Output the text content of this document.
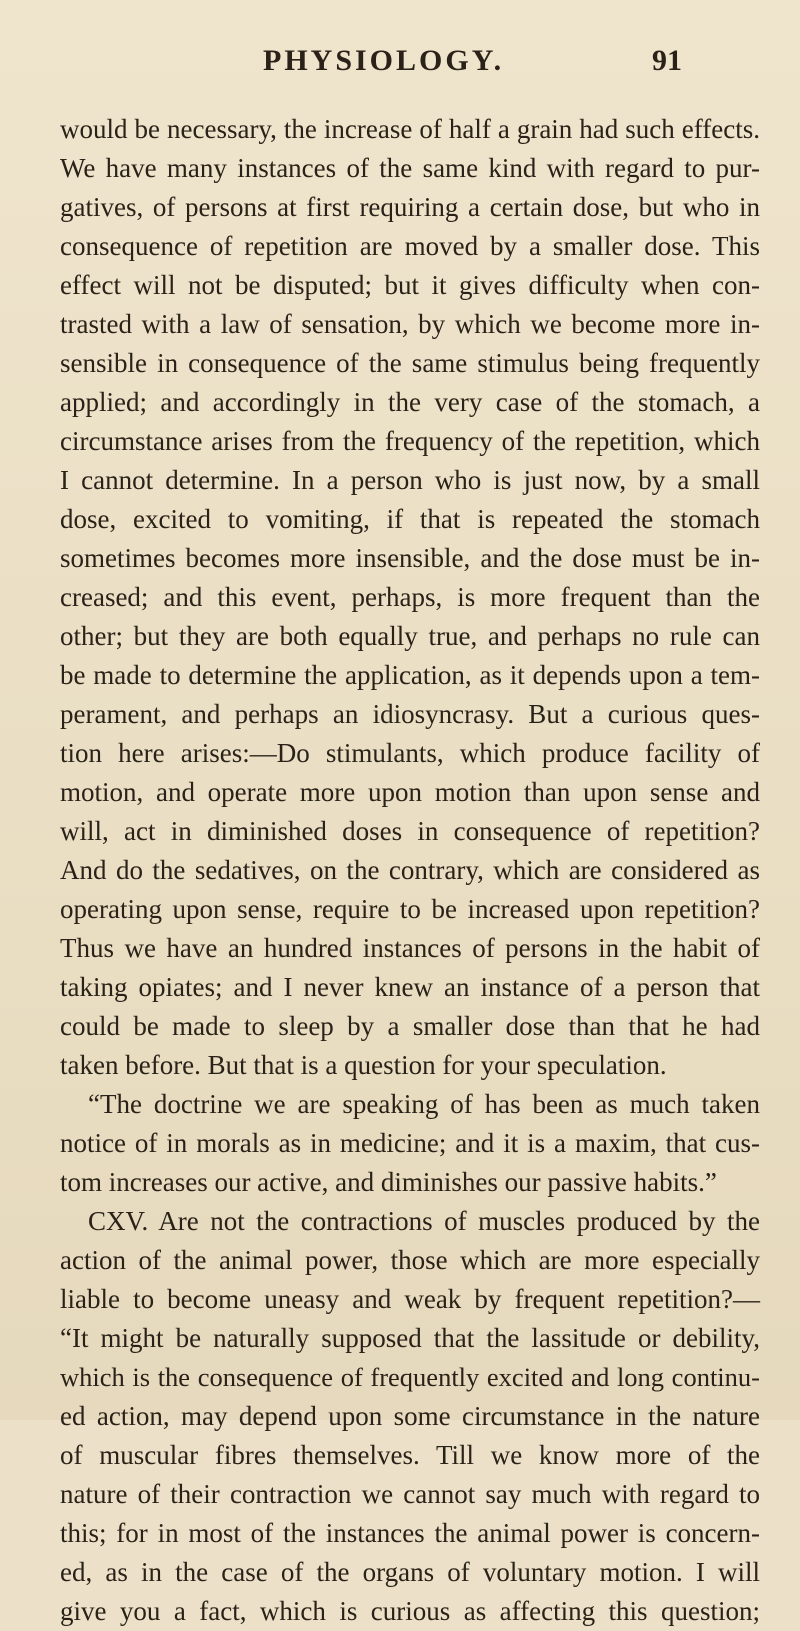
PHYSIOLOGY.	91
would be necessary, the increase of half a grain had such effects.
We have many instances of the same kind with regard to pur-
gatives, of persons at first requiring a certain dose, but who in
consequence of repetition are moved by a smaller dose. This
effect will not be disputed; but it gives difficulty when con-
trasted with a law of sensation, by which we become more in-
sensible in consequence of the same stimulus being frequently
applied; and accordingly in the very case of the stomach, a
circumstance arises from the frequency of the repetition, which
I cannot determine. In a person who is just now, by a small
dose, excited to vomiting, if that is repeated the stomach
sometimes becomes more insensible, and the dose must be in-
creased; and this event, perhaps, is more frequent than the
other; but they are both equally true, and perhaps no rule can
be made to determine the application, as it depends upon a tem-
perament, and perhaps an idiosyncrasy. But a curious ques-
tion here arises:—Do stimulants, which produce facility of
motion, and operate more upon motion than upon sense and
will, act in diminished doses in consequence of repetition?
And do the sedatives, on the contrary, which are considered as
operating upon sense, require to be increased upon repetition?
Thus we have an hundred instances of persons in the habit of
taking opiates; and I never knew an instance of a person that
could be made to sleep by a smaller dose than that he had
taken before. But that is a question for your speculation.
“The doctrine we are speaking of has been as much taken
notice of in morals as in medicine; and it is a maxim, that cus-
tom increases our active, and diminishes our passive habits.”
CXV. Are not the contractions of muscles produced by the
action of the animal power, those which are more especially
liable to become uneasy and weak by frequent repetition?—
“It might be naturally supposed that the lassitude or debility,
which is the consequence of frequently excited and long continu-
ed action, may depend upon some circumstance in the nature
of muscular fibres themselves. Till we know more of the
nature of their contraction we cannot say much with regard to
this; for in most of the instances the animal power is concern-
ed, as in the case of the organs of voluntary motion. I will
give you a fact, which is curious as affecting this question;
